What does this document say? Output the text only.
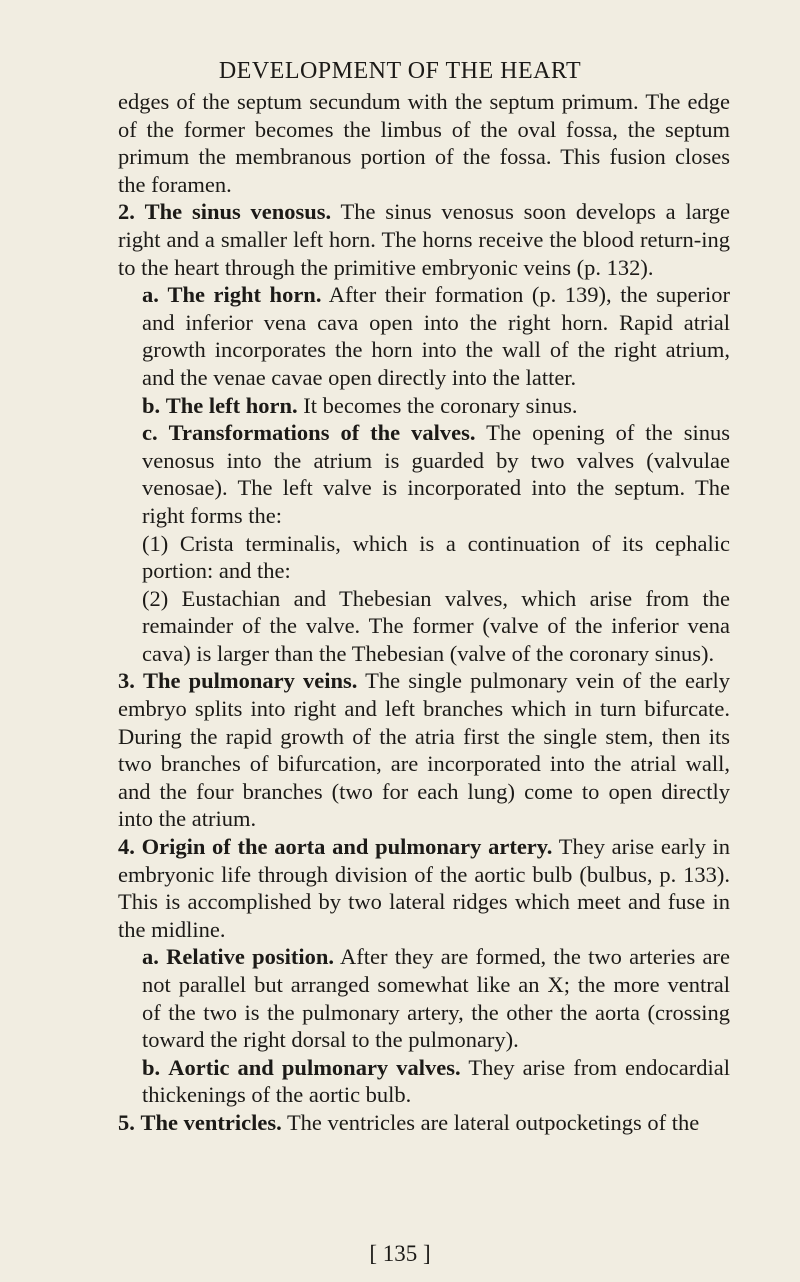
DEVELOPMENT OF THE HEART

edges of the septum secundum with the septum primum. The edge of the former becomes the limbus of the oval fossa, the septum primum the membranous portion of the fossa. This fusion closes the foramen.

2. The sinus venosus. The sinus venosus soon develops a large right and a smaller left horn. The horns receive the blood return-ing to the heart through the primitive embryonic veins (p. 132).

a. The right horn. After their formation (p. 139), the superior and inferior vena cava open into the right horn. Rapid atrial growth incorporates the horn into the wall of the right atrium, and the venae cavae open directly into the latter.

b. The left horn. It becomes the coronary sinus.

c. Transformations of the valves. The opening of the sinus venosus into the atrium is guarded by two valves (valvulae venosae). The left valve is incorporated into the septum. The right forms the:

(1) Crista terminalis, which is a continuation of its cephalic portion: and the:

(2) Eustachian and Thebesian valves, which arise from the remainder of the valve. The former (valve of the inferior vena cava) is larger than the Thebesian (valve of the coronary sinus).

3. The pulmonary veins. The single pulmonary vein of the early embryo splits into right and left branches which in turn bifurcate. During the rapid growth of the atria first the single stem, then its two branches of bifurcation, are incorporated into the atrial wall, and the four branches (two for each lung) come to open directly into the atrium.

4. Origin of the aorta and pulmonary artery. They arise early in embryonic life through division of the aortic bulb (bulbus, p. 133). This is accomplished by two lateral ridges which meet and fuse in the midline.

a. Relative position. After they are formed, the two arteries are not parallel but arranged somewhat like an X; the more ventral of the two is the pulmonary artery, the other the aorta (crossing toward the right dorsal to the pulmonary).

b. Aortic and pulmonary valves. They arise from endocardial thickenings of the aortic bulb.

5. The ventricles. The ventricles are lateral outpocketings of the

[ 135 ]
